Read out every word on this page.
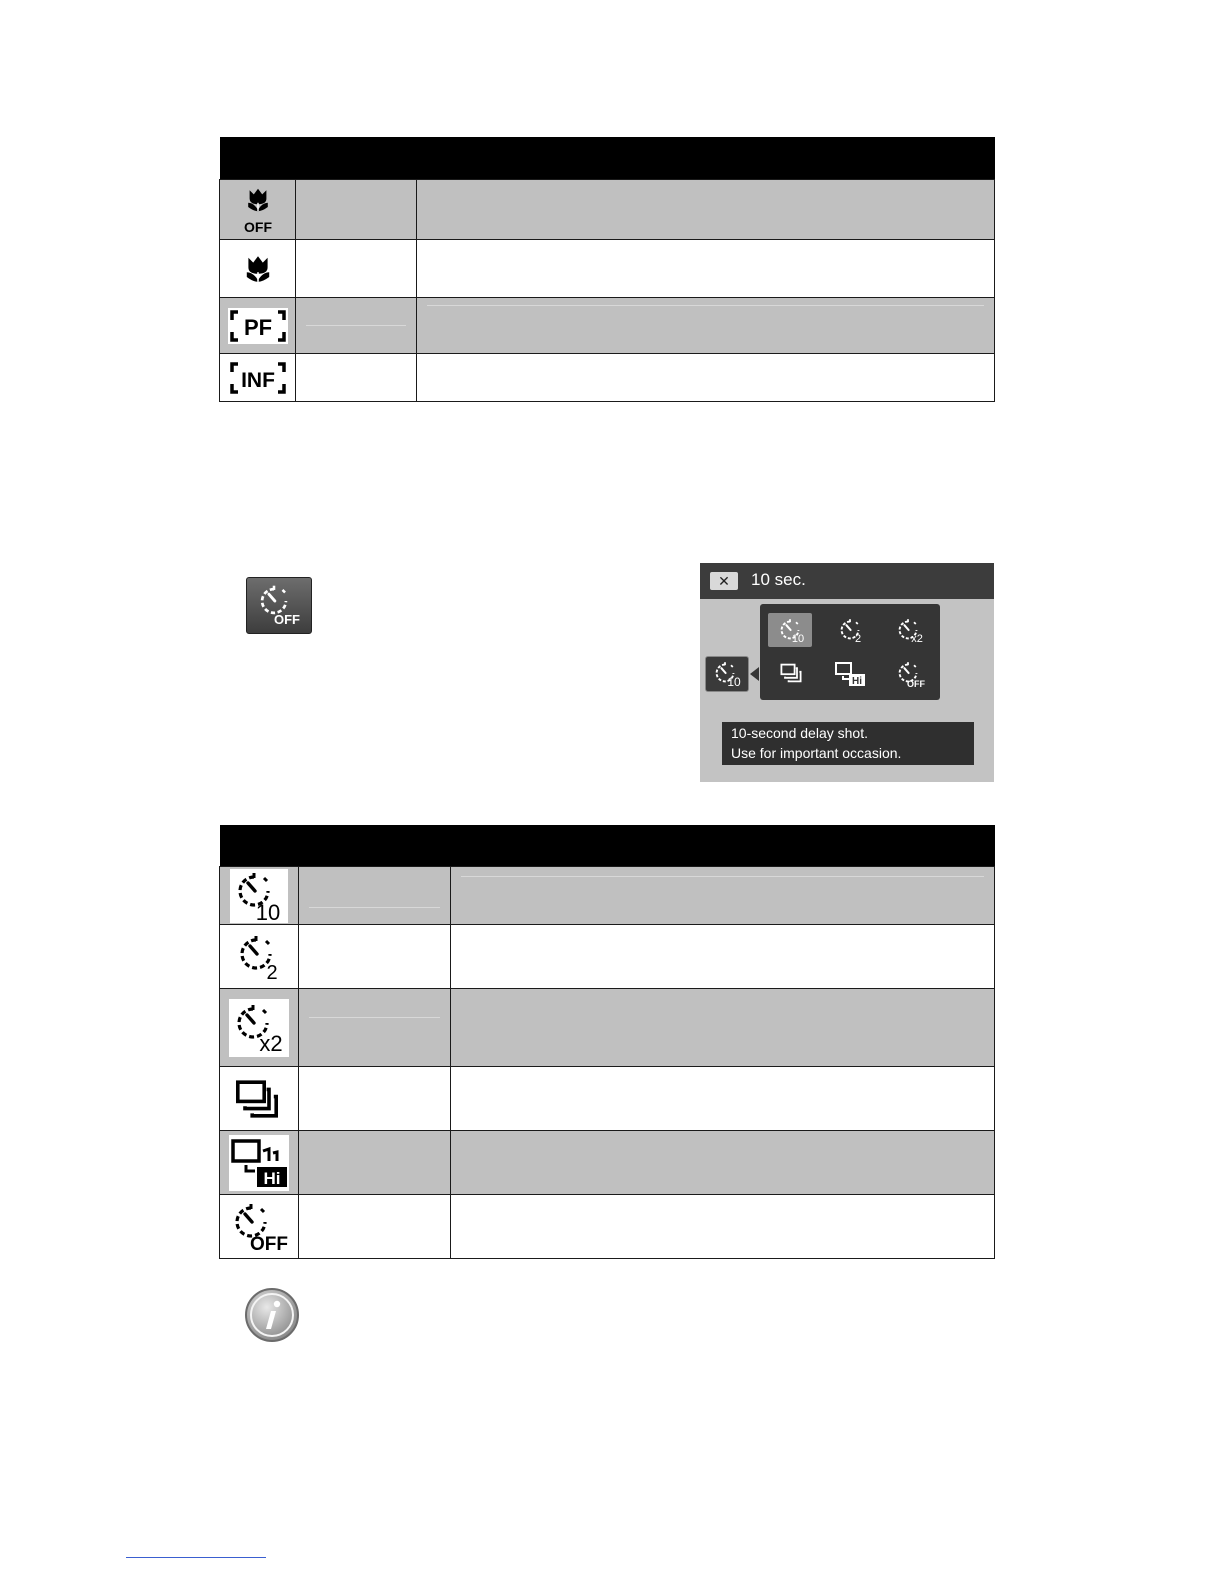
OFF		

PF		

INF		

OFF
✕	10 sec.
10
10	2	x2
Hi	OFF
10-second delay shot.
Use for important occasion.

10		

2		

x2		

Hi		

OFF		
